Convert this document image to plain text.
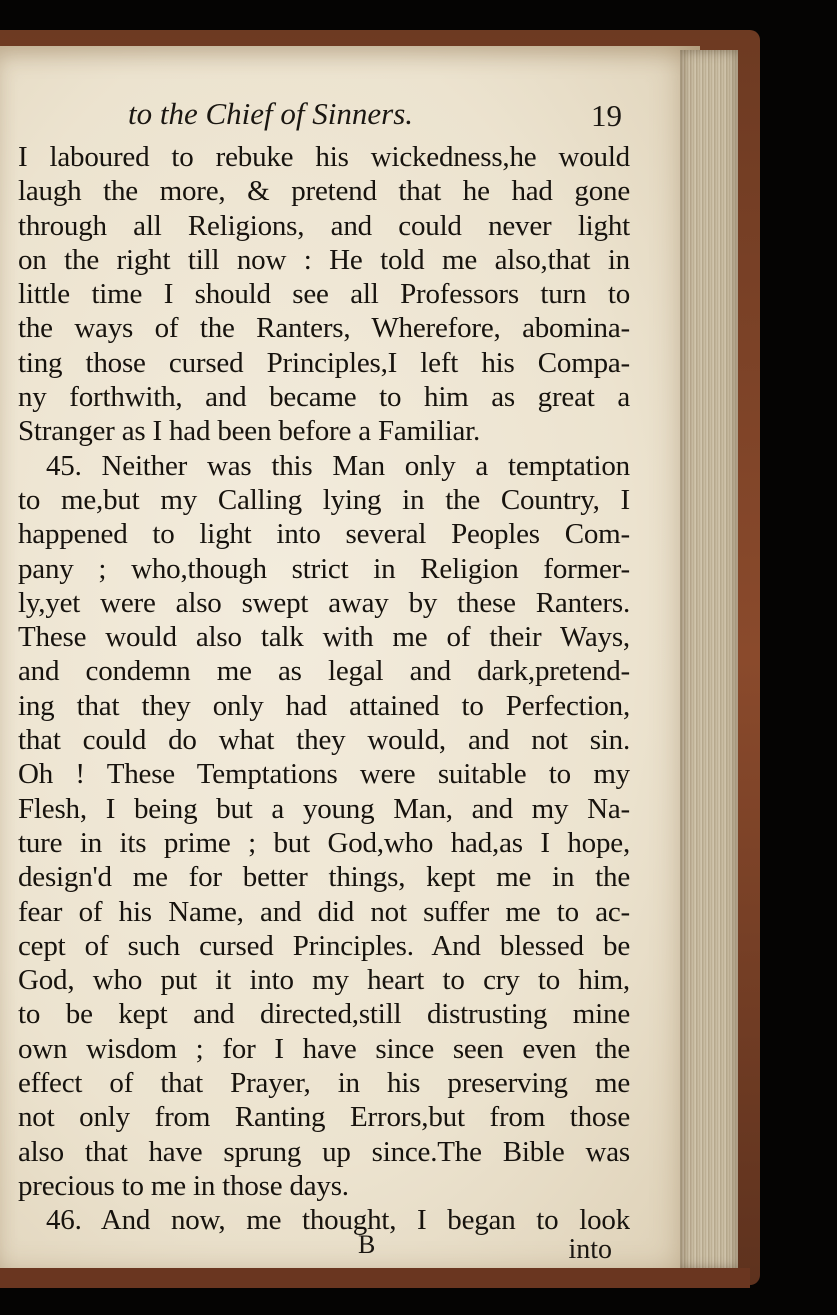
to the Chief of Sinners.	19
I laboured to rebuke his wickedness,he would
laugh the more, & pretend that he had gone
through all Religions, and could never light
on the right till now : He told me also,that in
little time I should see all Professors turn to
the ways of the Ranters, Wherefore, abomina-
ting those cursed Principles,I left his Compa-
ny forthwith, and became to him as great a
Stranger as I had been before a Familiar.
45. Neither was this Man only a temptation
to me,but my Calling lying in the Country, I
happened to light into several Peoples Com-
pany ; who,though strict in Religion former-
ly,yet were also swept away by these Ranters.
These would also talk with me of their Ways,
and condemn me as legal and dark,pretend-
ing that they only had attained to Perfection,
that could do what they would, and not sin.
Oh ! These Temptations were suitable to my
Flesh, I being but a young Man, and my Na-
ture in its prime ; but God,who had,as I hope,
design'd me for better things, kept me in the
fear of his Name, and did not suffer me to ac-
cept of such cursed Principles. And blessed be
God, who put it into my heart to cry to him,
to be kept and directed,still distrusting mine
own wisdom ; for I have since seen even the
effect of that Prayer, in his preserving me
not only from Ranting Errors,but from those
also that have sprung up since.The Bible was
precious to me in those days.
46. And now, me thought, I began to look
B	into
